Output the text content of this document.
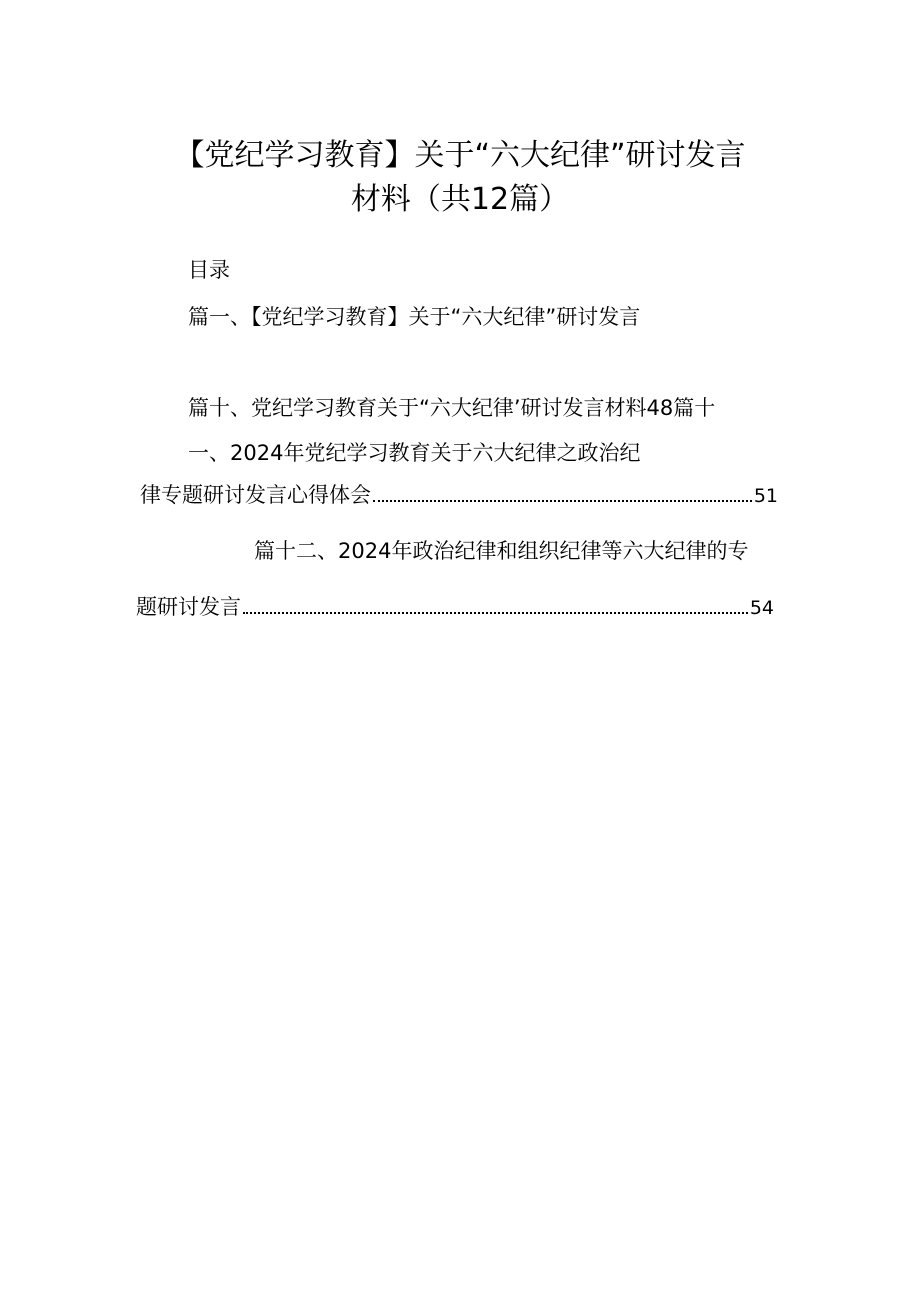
【党纪学习教育】关于“六大纪律”研讨发言
材料（共12篇）
目录
篇一、【党纪学习教育】关于“六大纪律”研讨发言
篇十、党纪学习教育关于“六大纪律’研讨发言材料48篇十
一、2024年党纪学习教育关于六大纪律之政治纪
律专题研讨发言心得体会	51
篇十二、2024年政治纪律和组织纪律等六大纪律的专
题研讨发言	54
